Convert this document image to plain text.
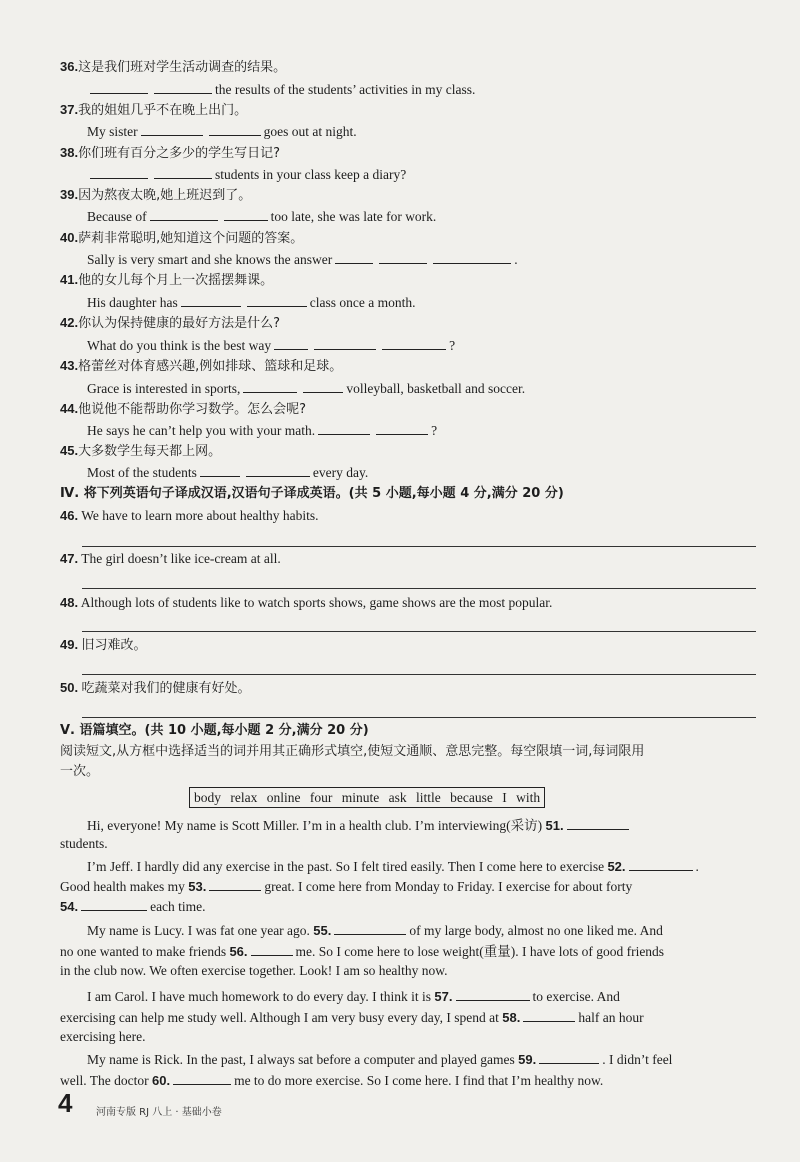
36.这是我们班对学生活动调查的结果。
the results of the students’ activities in my class.
37.我的姐姐几乎不在晚上出门。
My sister	goes out at night.
38.你们班有百分之多少的学生写日记?
students in your class keep a diary?
39.因为熬夜太晚,她上班迟到了。
Because of	too late, she was late for work.
40.萨莉非常聪明,她知道这个问题的答案。
Sally is very smart and she knows the answer	.
41.他的女儿每个月上一次摇摆舞课。
His daughter has	class once a month.
42.你认为保持健康的最好方法是什么?
What do you think is the best way	?
43.格蕾丝对体育感兴趣,例如排球、篮球和足球。
Grace is interested in sports,	volleyball, basketball and soccer.
44.他说他不能帮助你学习数学。怎么会呢?
He says he can’t help you with your math.	?
45.大多数学生每天都上网。
Most of the students	every day.
Ⅳ. 将下列英语句子译成汉语,汉语句子译成英语。(共 5 小题,每小题 4 分,满分 20 分)
46. We have to learn more about healthy habits.
47. The girl doesn’t like ice-cream at all.
48. Although lots of students like to watch sports shows, game shows are the most popular.
49. 旧习难改。
50. 吃蔬菜对我们的健康有好处。
Ⅴ. 语篇填空。(共 10 小题,每小题 2 分,满分 20 分)
阅读短文,从方框中选择适当的词并用其正确形式填空,使短文通顺、意思完整。每空限填一词,每词限用
一次。
body relax online four minute ask little because I with
Hi, everyone! My name is Scott Miller. I’m in a health club. I’m interviewing(采访) 51.
students.
I’m Jeff. I hardly did any exercise in the past. So I felt tired easily. Then I come here to exercise 52.	.
Good health makes my 53.	great. I come here from Monday to Friday. I exercise for about forty
54.	each time.
My name is Lucy. I was fat one year ago. 55.	of my large body, almost no one liked me. And
no one wanted to make friends 56.	me. So I come here to lose weight(重量). I have lots of good friends
in the club now. We often exercise together. Look! I am so healthy now.
I am Carol. I have much homework to do every day. I think it is 57.	to exercise. And
exercising can help me study well. Although I am very busy every day, I spend at 58.	half an hour
exercising here.
My name is Rick. In the past, I always sat before a computer and played games 59.	. I didn’t feel
well. The doctor 60.	me to do more exercise. So I come here. I find that I’m healthy now.
4 河南专版 RJ 八上 · 基础小卷
